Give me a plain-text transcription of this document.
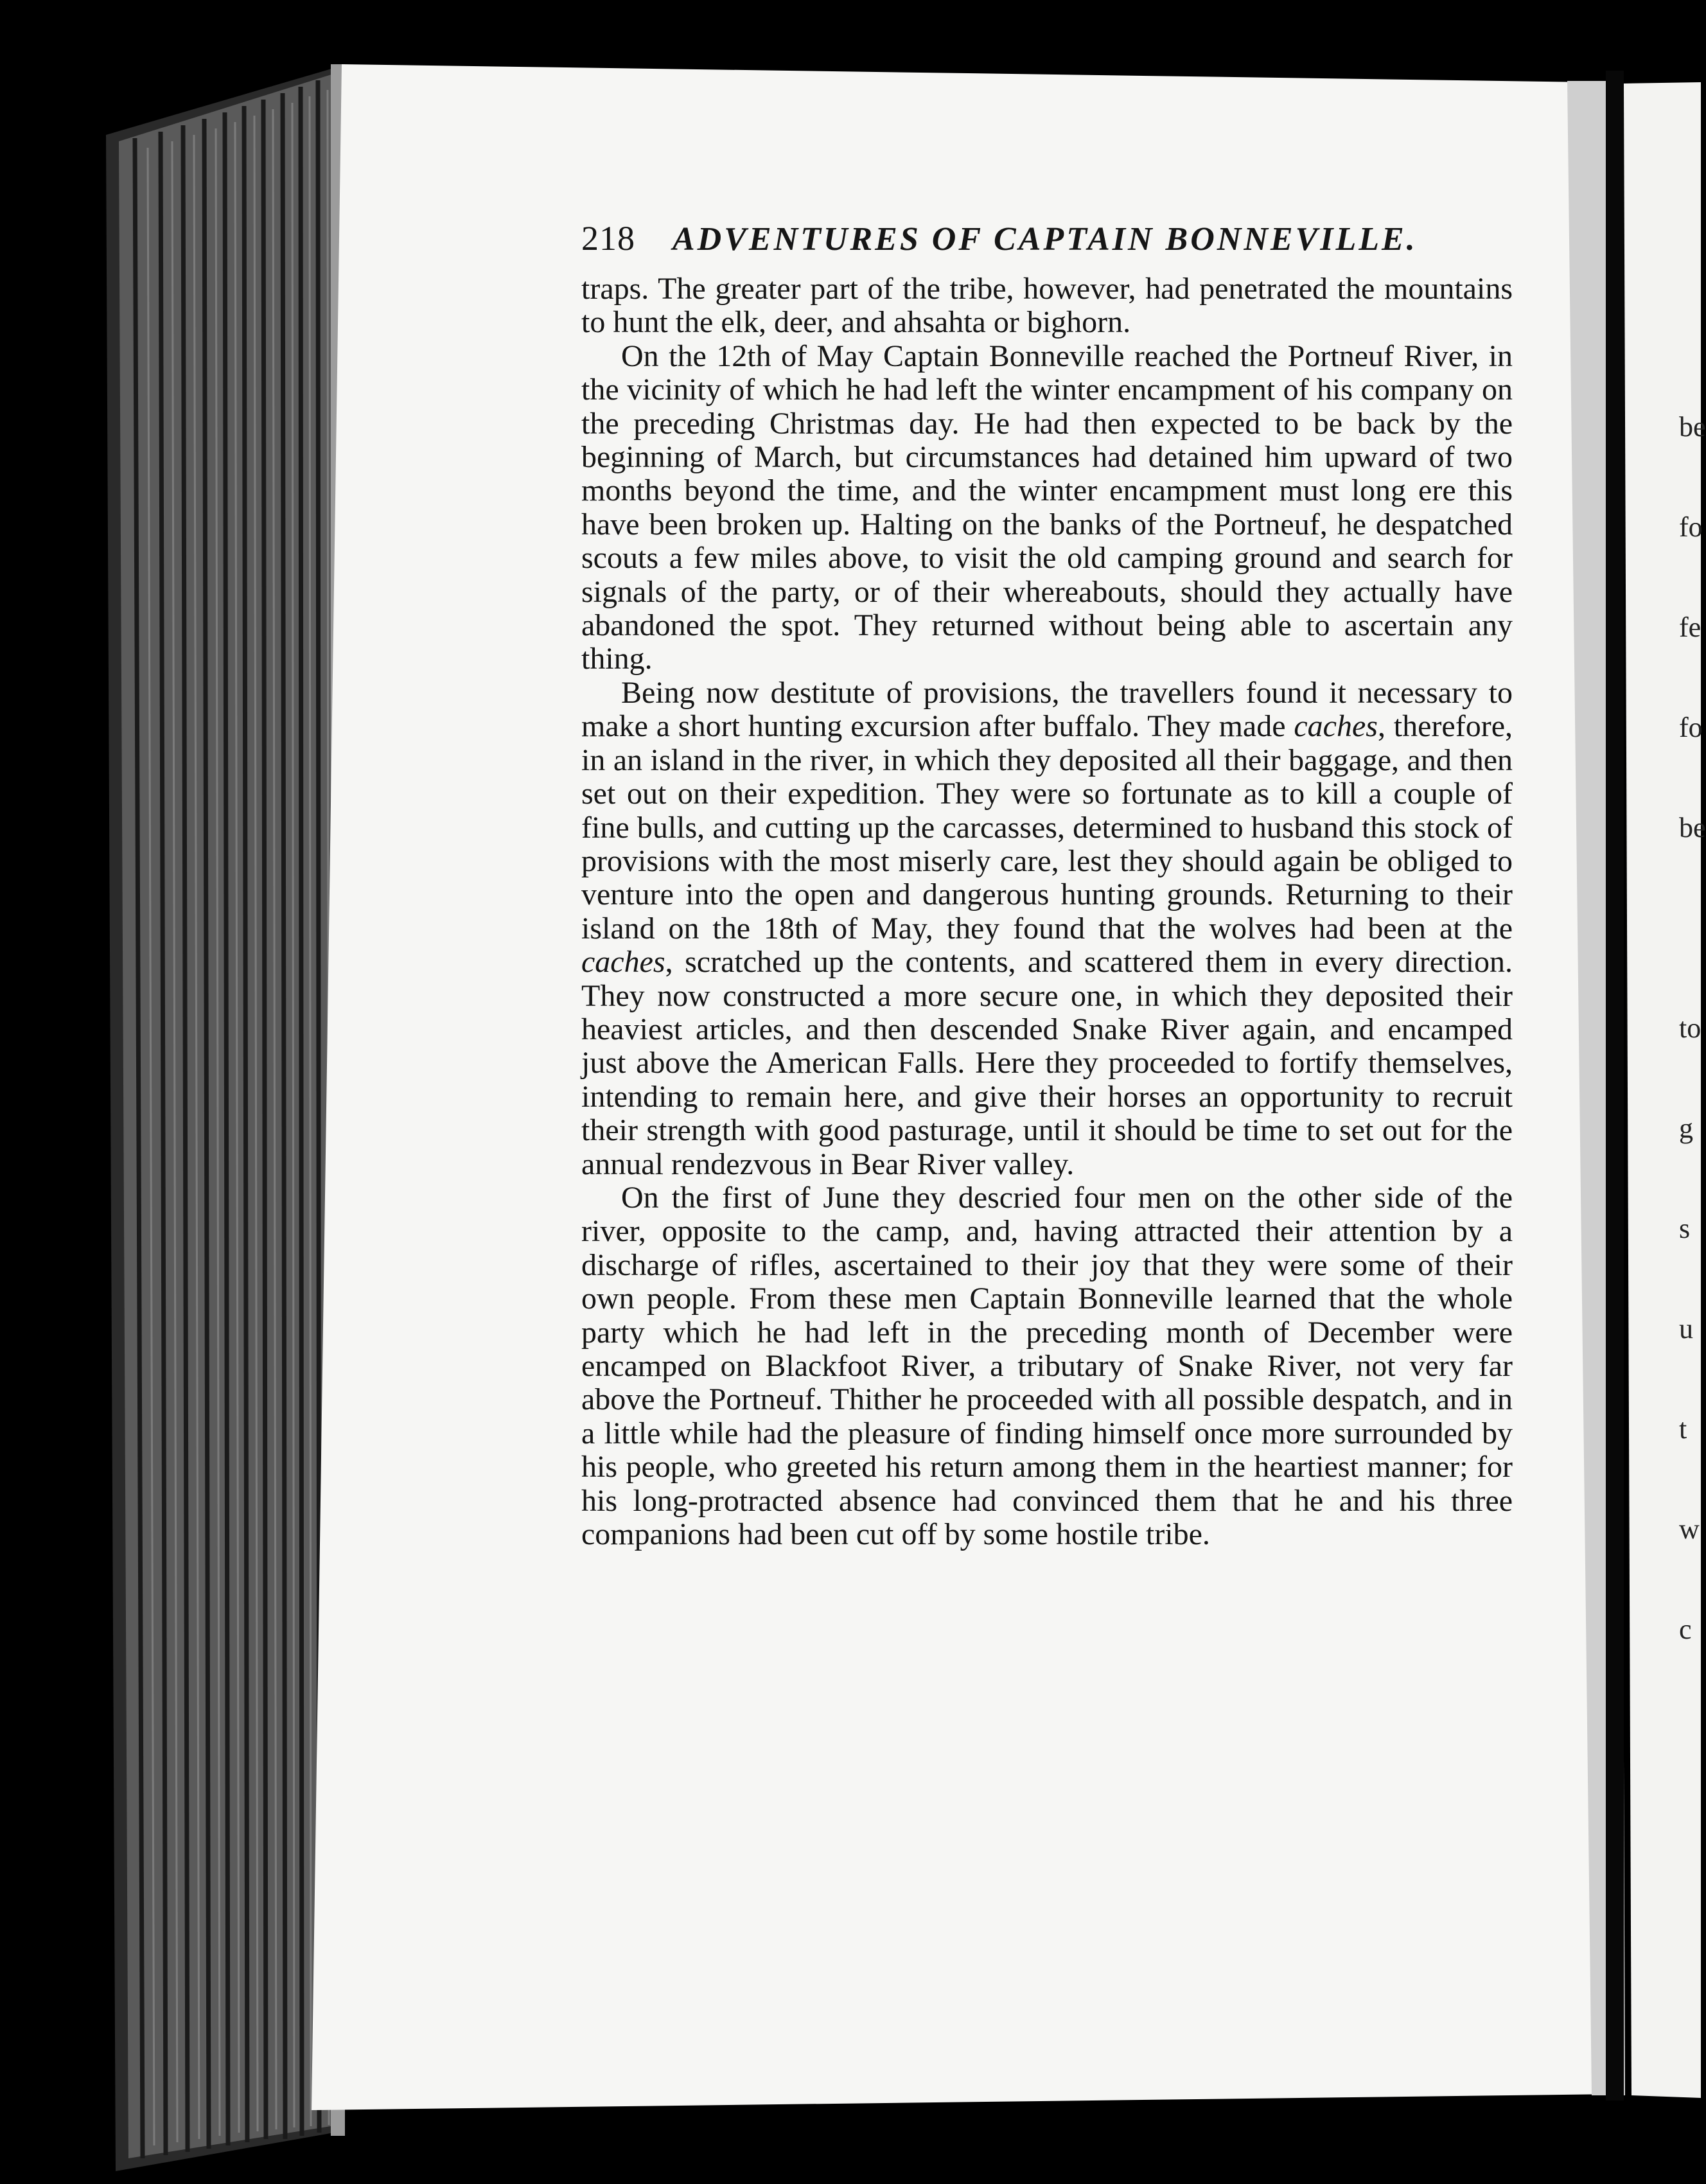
218 ADVENTURES OF CAPTAIN BONNEVILLE.

traps. The greater part of the tribe, however, had penetrated the mountains to hunt the elk, deer, and ahsahta or bighorn.

On the 12th of May Captain Bonneville reached the Portneuf River, in the vicinity of which he had left the winter encampment of his company on the preceding Christmas day. He had then expected to be back by the beginning of March, but circumstances had detained him upward of two months beyond the time, and the winter encampment must long ere this have been broken up. Halting on the banks of the Portneuf, he despatched scouts a few miles above, to visit the old camping ground and search for signals of the party, or of their whereabouts, should they actually have abandoned the spot. They returned without being able to ascertain any thing.

Being now destitute of provisions, the travellers found it necessary to make a short hunting excursion after buffalo. They made caches, therefore, in an island in the river, in which they deposited all their baggage, and then set out on their expedition. They were so fortunate as to kill a couple of fine bulls, and cutting up the carcasses, determined to husband this stock of provisions with the most miserly care, lest they should again be obliged to venture into the open and dangerous hunting grounds. Returning to their island on the 18th of May, they found that the wolves had been at the caches, scratched up the contents, and scattered them in every direction. They now constructed a more secure one, in which they deposited their heaviest articles, and then descended Snake River again, and encamped just above the American Falls. Here they proceeded to fortify themselves, intending to remain here, and give their horses an opportunity to recruit their strength with good pasturage, until it should be time to set out for the annual rendezvous in Bear River valley.

On the first of June they descried four men on the other side of the river, opposite to the camp, and, having attracted their attention by a discharge of rifles, ascertained to their joy that they were some of their own people. From these men Captain Bonneville learned that the whole party which he had left in the preceding month of December were encamped on Blackfoot River, a tributary of Snake River, not very far above the Portneuf. Thither he proceeded with all possible despatch, and in a little while had the pleasure of finding himself once more surrounded by his people, who greeted his return among them in the heartiest manner; for his long-protracted absence had convinced them that he and his three companions had been cut off by some hostile tribe.

be

fo

fe

fo

be

to

g

s

u

t

w

c
